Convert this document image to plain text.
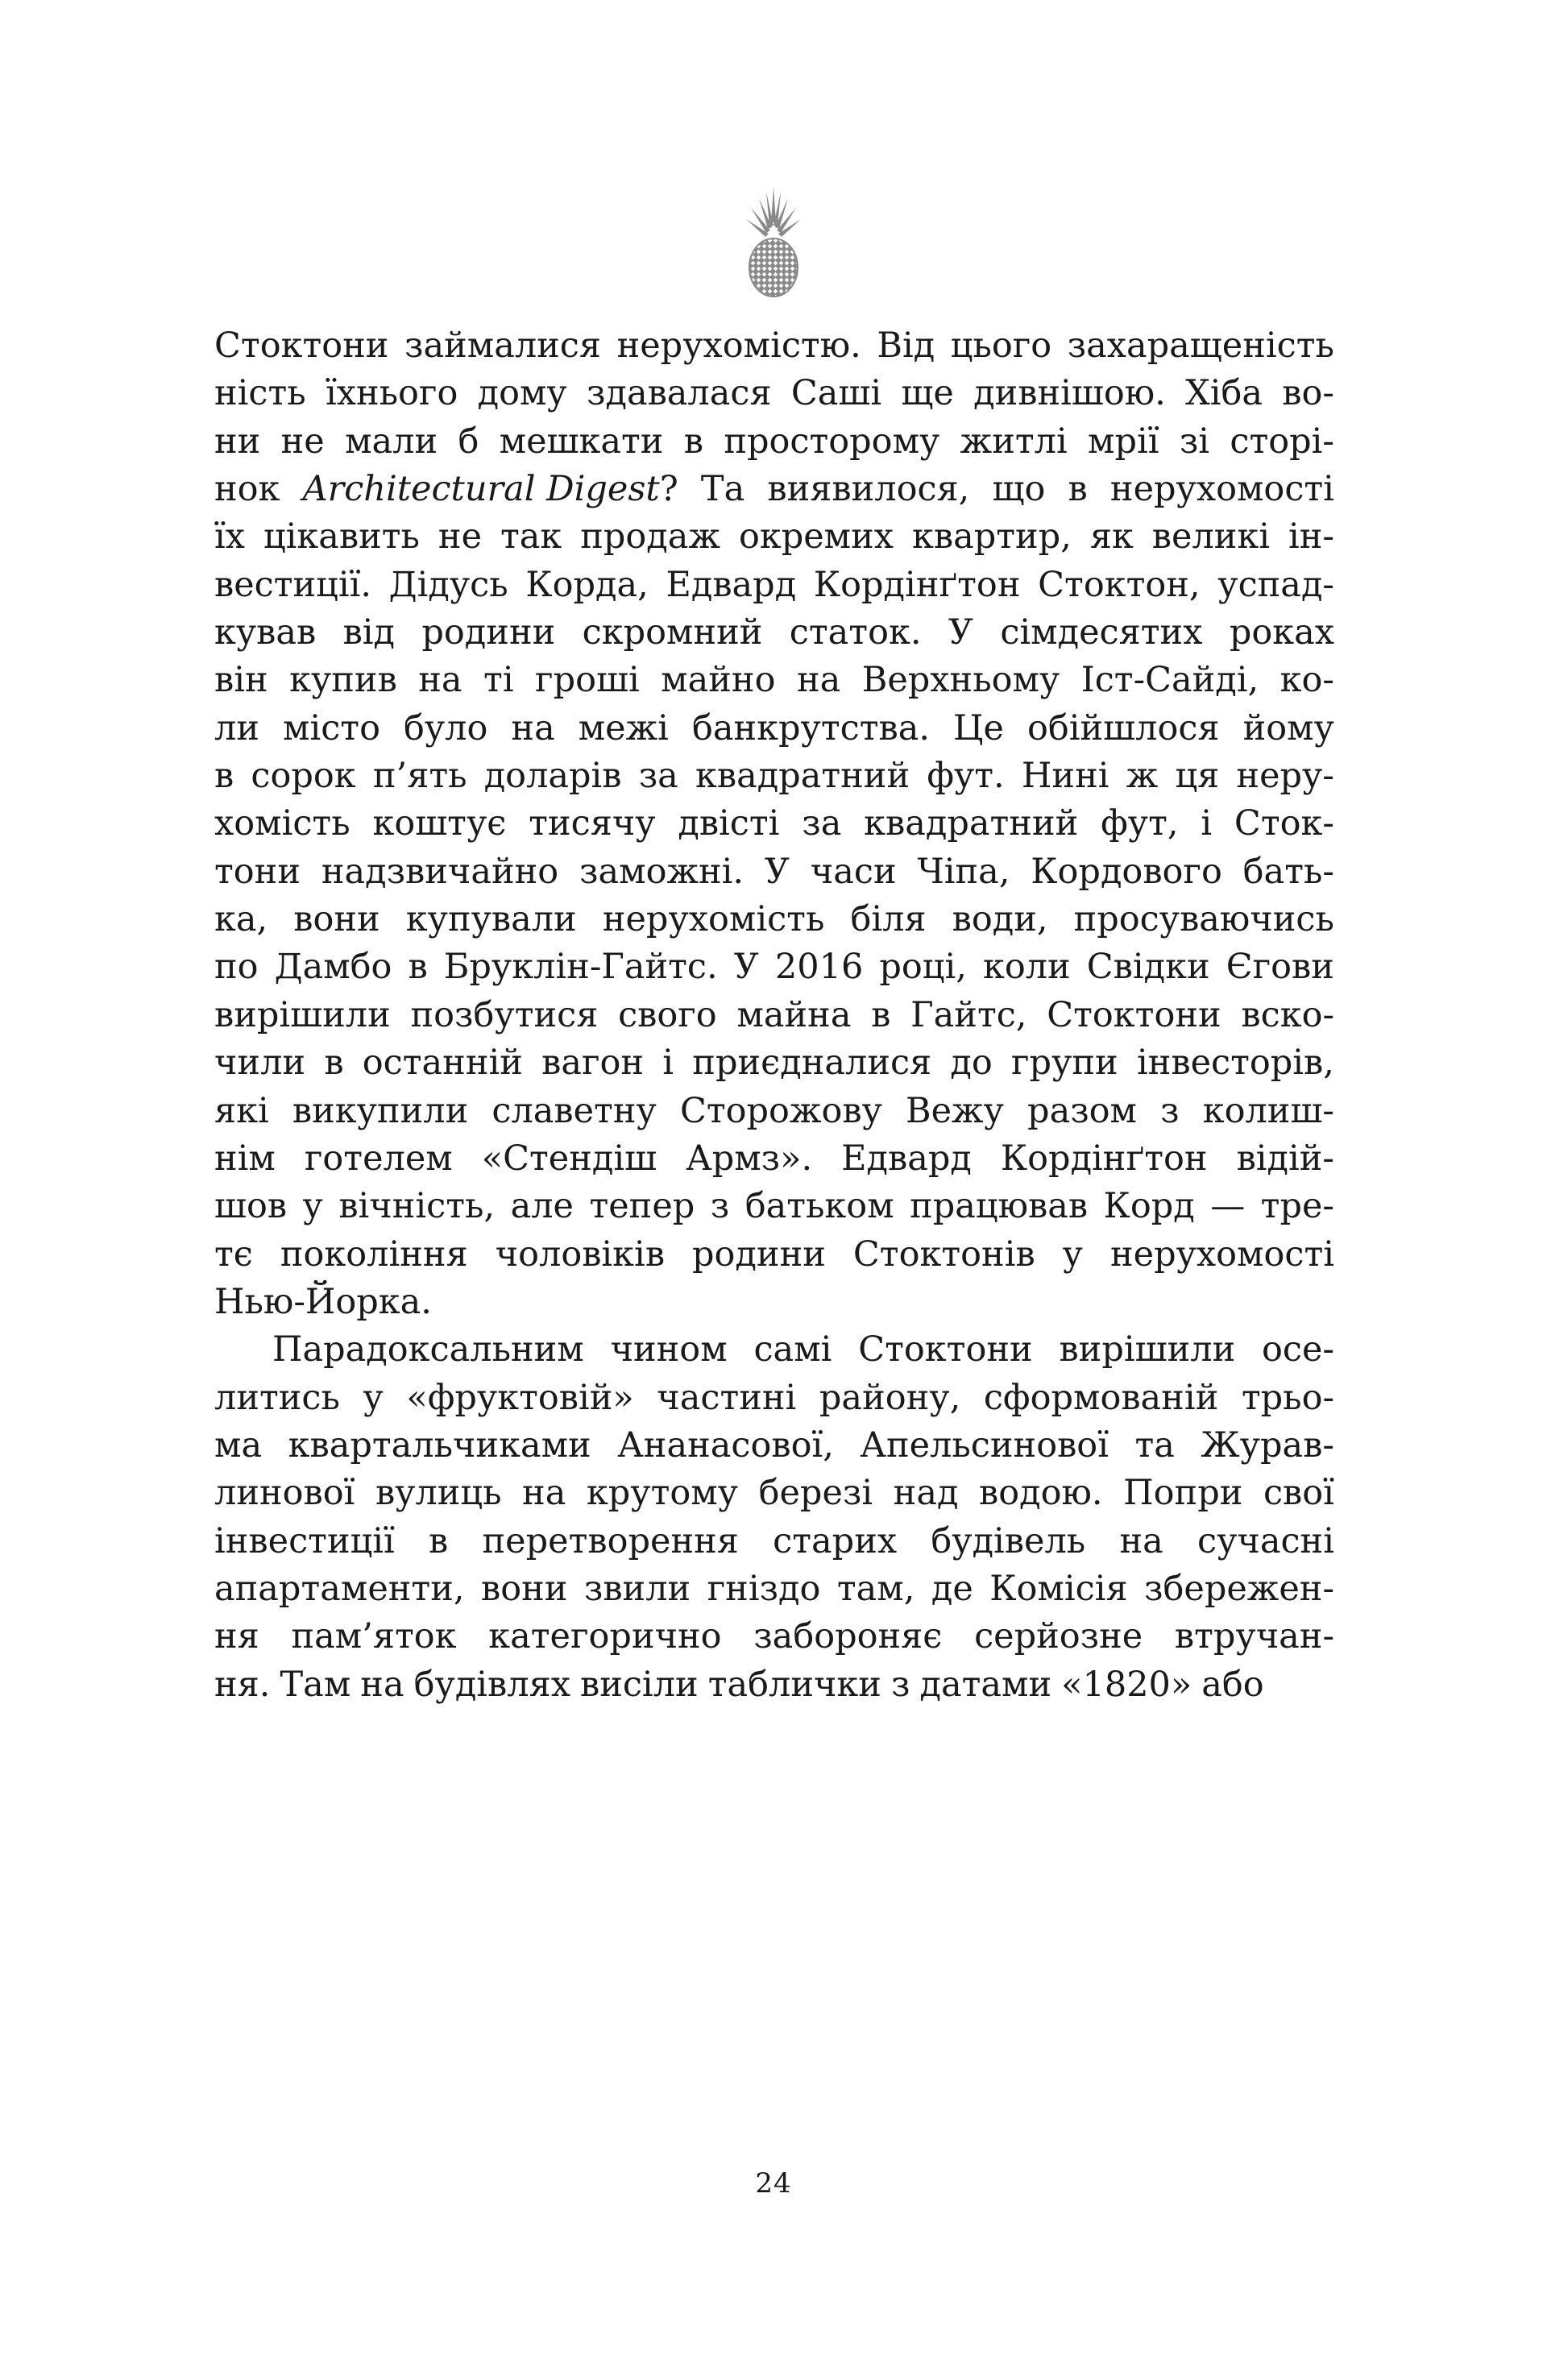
Стоктони займалися нерухомістю. Від цього захаращеність
ність їхнього дому здавалася Саші ще дивнішою. Хіба во-
ни не мали б мешкати в просторому житлі мрії зі сторі-
нок Architectural Digest? Та виявилося, що в нерухомості
їх цікавить не так продаж окремих квартир, як великі ін-
вестиції. Дідусь Корда, Едвард Кордінґтон Стоктон, успад-
кував від родини скромний статок. У сімдесятих роках
він купив на ті гроші майно на Верхньому Іст-Сайді, ко-
ли місто було на межі банкрутства. Це обійшлося йому
в сорок п’ять доларів за квадратний фут. Нині ж ця неру-
хомість коштує тисячу двісті за квадратний фут, і Сток-
тони надзвичайно заможні. У часи Чіпа, Кордового бать-
ка, вони купували нерухомість біля води, просуваючись
по Дамбо в Бруклін-Гайтс. У 2016 році, коли Свідки Єгови
вирішили позбутися свого майна в Гайтс, Стоктони вско-
чили в останній вагон і приєдналися до групи інвесторів,
які викупили славетну Сторожову Вежу разом з колиш-
нім готелем «Стендіш Армз». Едвард Кордінґтон відій-
шов у вічність, але тепер з батьком працював Корд — тре-
тє покоління чоловіків родини Стоктонів у нерухомості
Нью-Йорка.
Парадоксальним чином самі Стоктони вирішили осе-
литись у «фруктовій» частині району, сформованій трьо-
ма квартальчиками Ананасової, Апельсинової та Журав-
линової вулиць на крутому березі над водою. Попри свої
інвестиції в перетворення старих будівель на сучасні
апартаменти, вони звили гніздо там, де Комісія збережен-
ня пам’яток категорично забороняє серйозне втручан-
ня. Там на будівлях висіли таблички з датами «1820» або
24
